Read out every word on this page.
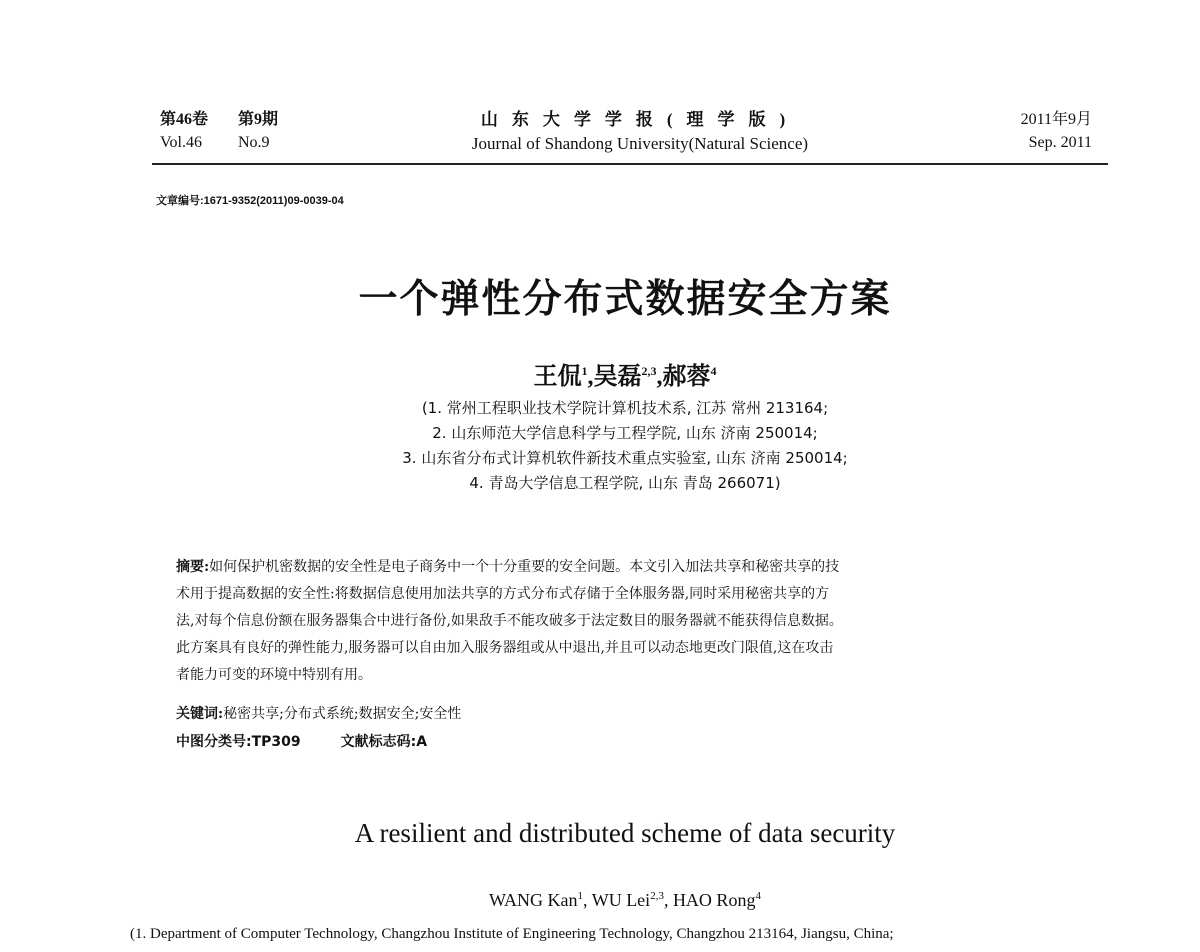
第46卷	第9期
Vol.46	No.9
山东大学学报(理学版)
Journal of Shandong University(Natural Science)
2011年9月
Sep. 2011
文章编号:1671-9352(2011)09-0039-04
一个弹性分布式数据安全方案
王侃$^1$,吴磊$^{2,3}$,郝蓉$^4$
(1. 常州工程职业技术学院计算机技术系, 江苏 常州 213164;
2. 山东师范大学信息科学与工程学院, 山东 济南 250014;
3. 山东省分布式计算机软件新技术重点实验室, 山东 济南 250014;
4. 青岛大学信息工程学院, 山东 青岛 266071)
摘要:如何保护机密数据的安全性是电子商务中一个十分重要的安全问题。本文引入加法共享和秘密共享的技
术用于提高数据的安全性:将数据信息使用加法共享的方式分布式存储于全体服务器,同时采用秘密共享的方
法,对每个信息份额在服务器集合中进行备份,如果敌手不能攻破多于法定数目的服务器就不能获得信息数据。
此方案具有良好的弹性能力,服务器可以自由加入服务器组或从中退出,并且可以动态地更改门限值,这在攻击
者能力可变的环境中特别有用。
关键词:秘密共享;分布式系统;数据安全;安全性
中图分类号:TP309	文献标志码:A
A resilient and distributed scheme of data security
WANG Kan$^1$, WU Lei$^{2,3}$, HAO Rong$^4$
(1. Department of Computer Technology, Changzhou Institute of Engineering Technology, Changzhou 213164, Jiangsu, China;
